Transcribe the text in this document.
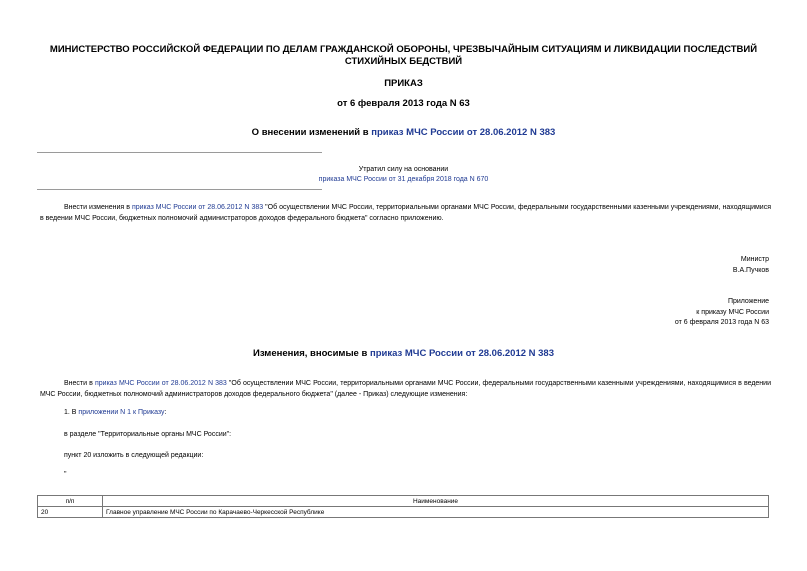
МИНИСТЕРСТВО РОССИЙСКОЙ ФЕДЕРАЦИИ ПО ДЕЛАМ ГРАЖДАНСКОЙ ОБОРОНЫ, ЧРЕЗВЫЧАЙНЫМ СИТУАЦИЯМ И ЛИКВИДАЦИИ ПОСЛЕДСТВИЙ СТИХИЙНЫХ БЕДСТВИЙ
ПРИКАЗ
от 6 февраля 2013 года N 63
О внесении изменений в приказ МЧС России от 28.06.2012 N 383
Утратил силу на основании
приказа МЧС России от 31 декабря 2018 года N 670
Внести изменения в приказ МЧС России от 28.06.2012 N 383 "Об осуществлении МЧС России, территориальными органами МЧС России, федеральными государственными казенными учреждениями, находящимися в ведении МЧС России, бюджетных полномочий администраторов доходов федерального бюджета" согласно приложению.
Министр
В.А.Пучков
Приложение
к приказу МЧС России
от 6 февраля 2013 года N 63
Изменения, вносимые в приказ МЧС России от 28.06.2012 N 383
Внести в приказ МЧС России от 28.06.2012 N 383 "Об осуществлении МЧС России, территориальными органами МЧС России, федеральными государственными казенными учреждениями, находящимися в ведении МЧС России, бюджетных полномочий администраторов доходов федерального бюджета" (далее - Приказ) следующие изменения:
1. В приложении N 1 к Приказу:
в разделе "Территориальные органы МЧС России":
пункт 20 изложить в следующей редакции:
"
п/п	Наименование
20	Главное управление МЧС России по Карачаево-Черкесской Республике
